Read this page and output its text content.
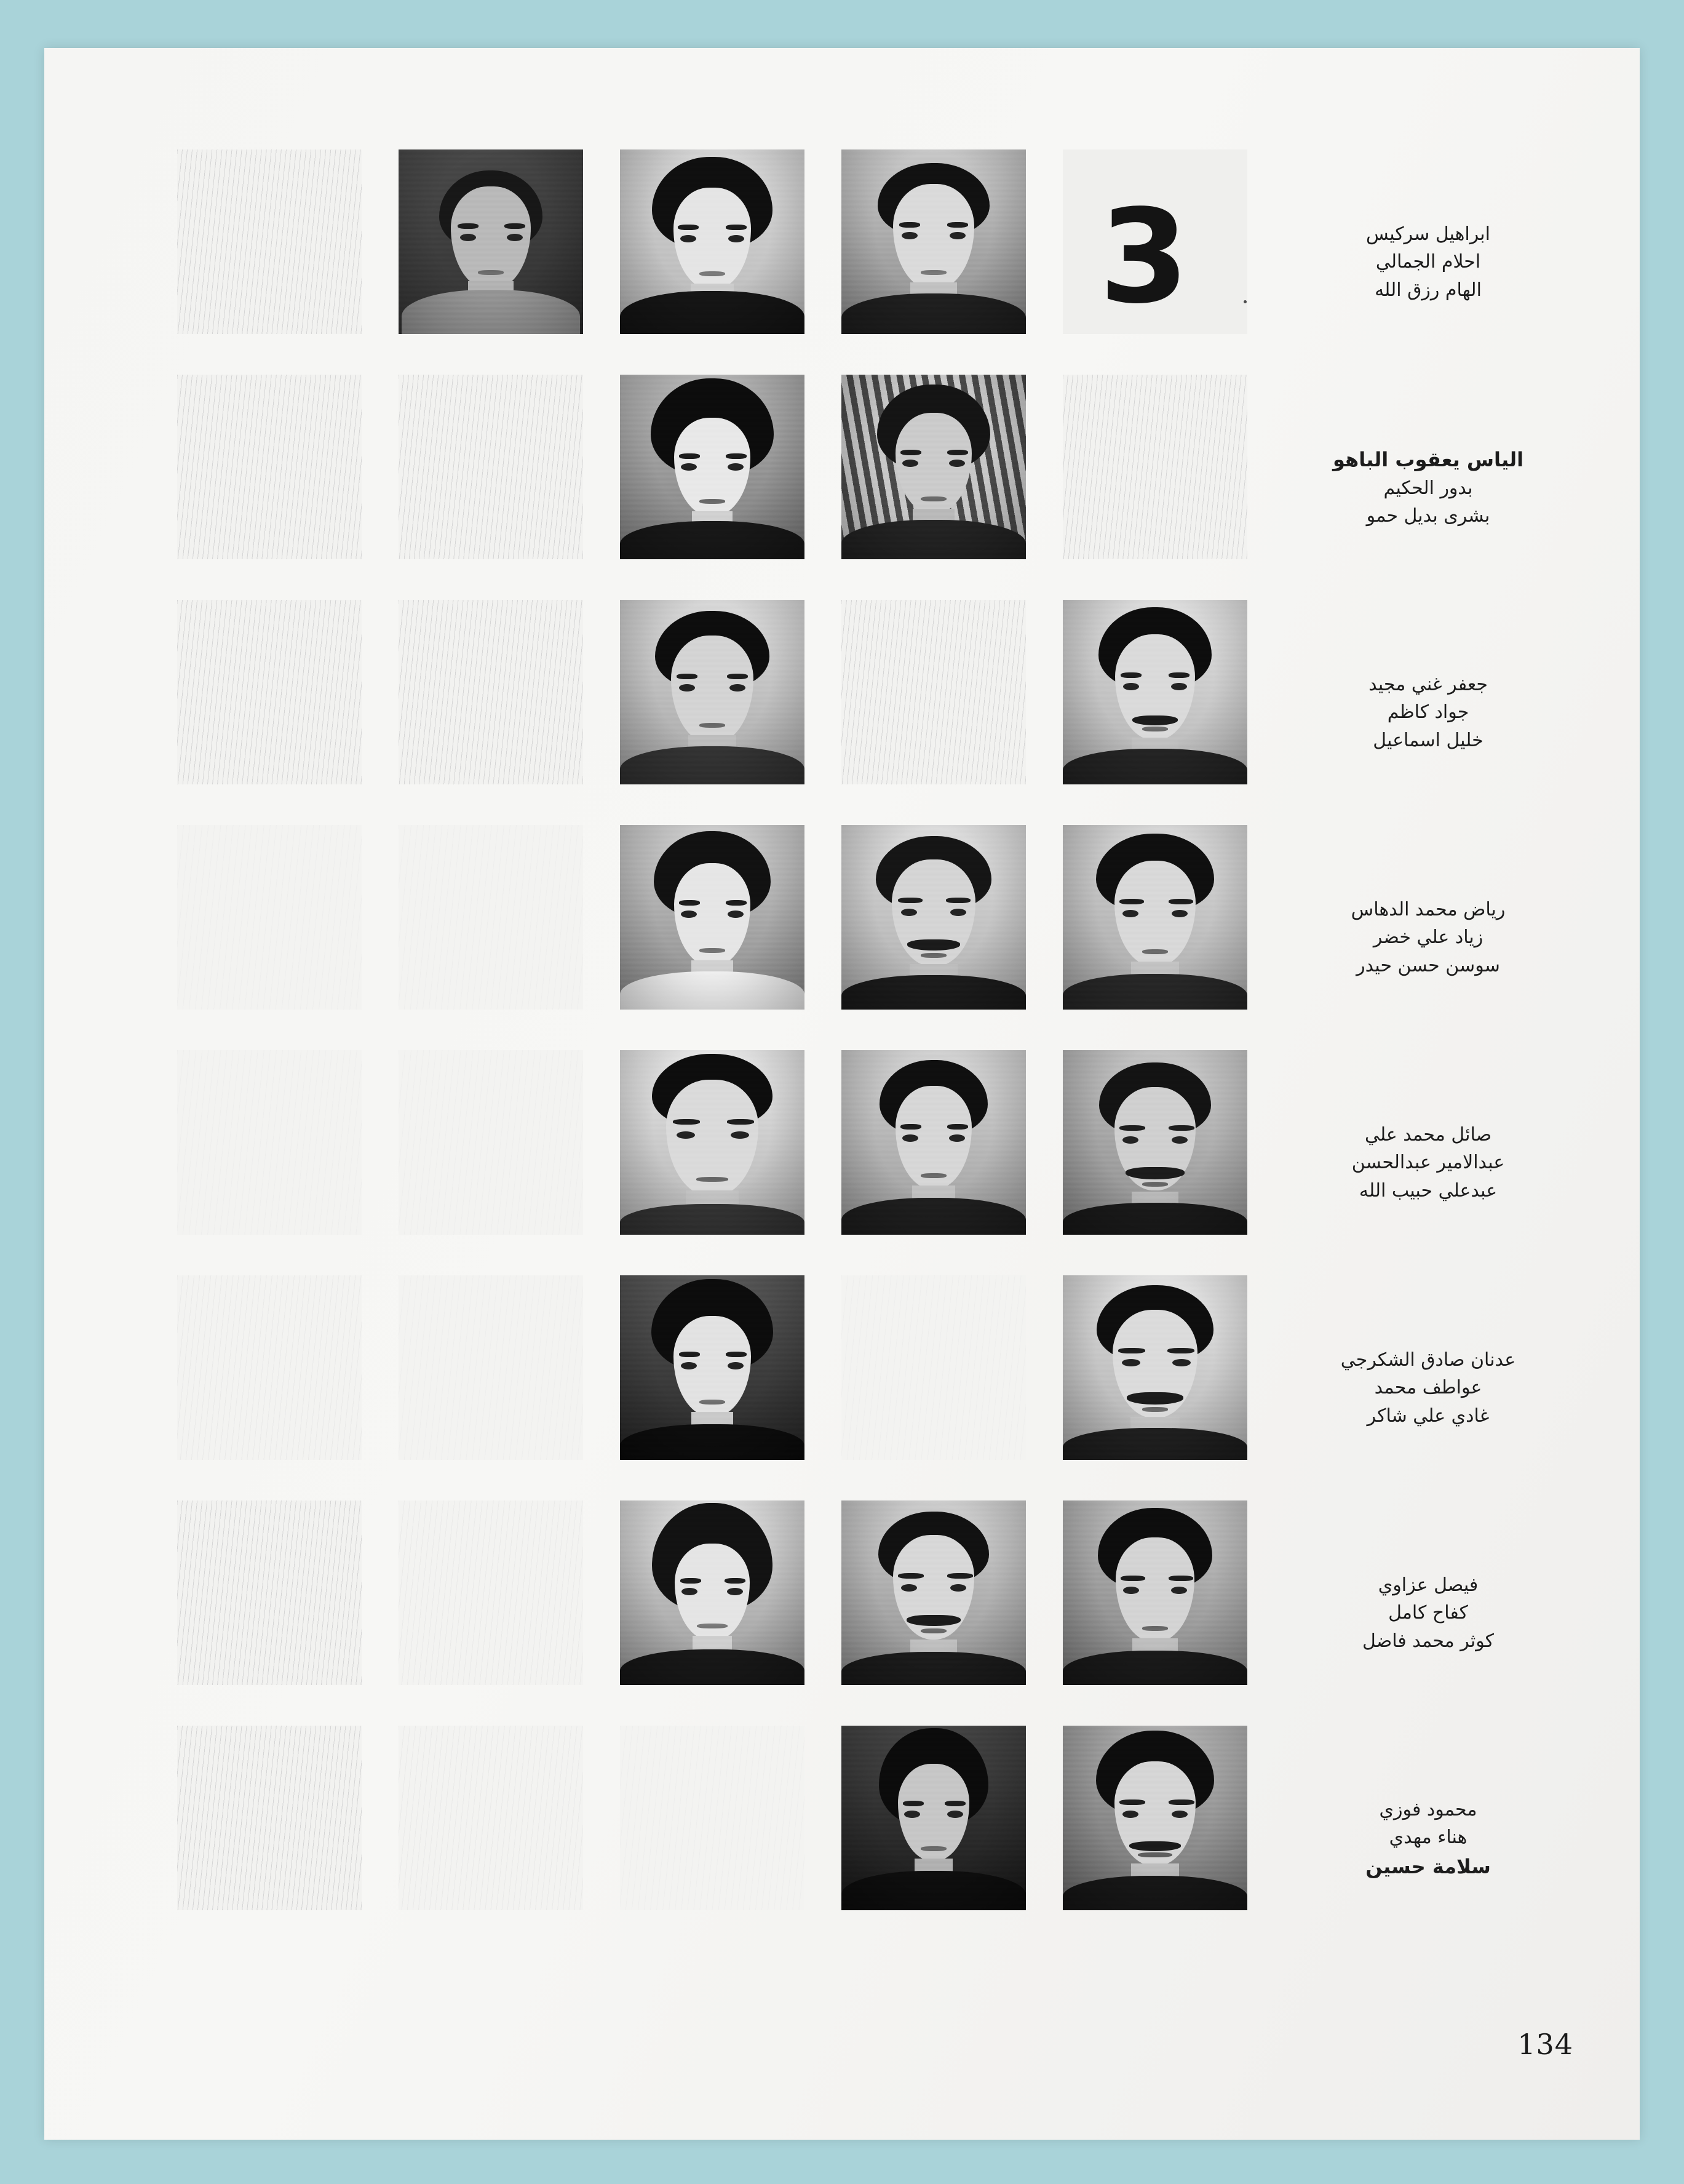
3	ابراهيل سركيس
احلام الجمالي
الهام رزق الله
الياس يعقوب الباهو
بدور الحكيم
بشرى بديل حمو
جعفر غني مجيد
جواد كاظم
خليل اسماعيل
رياض محمد الدهاس
زياد علي خضر
سوسن حسن حيدر
صائل محمد علي
عبدالامير عبدالحسن
عبدعلي حبيب الله
عدنان صادق الشكرجي
عواطف محمد
غادي علي شاكر
فيصل عزاوي
كفاح كامل
كوثر محمد فاضل
محمود فوزي
هناء مهدي
سلامة حسين
134
